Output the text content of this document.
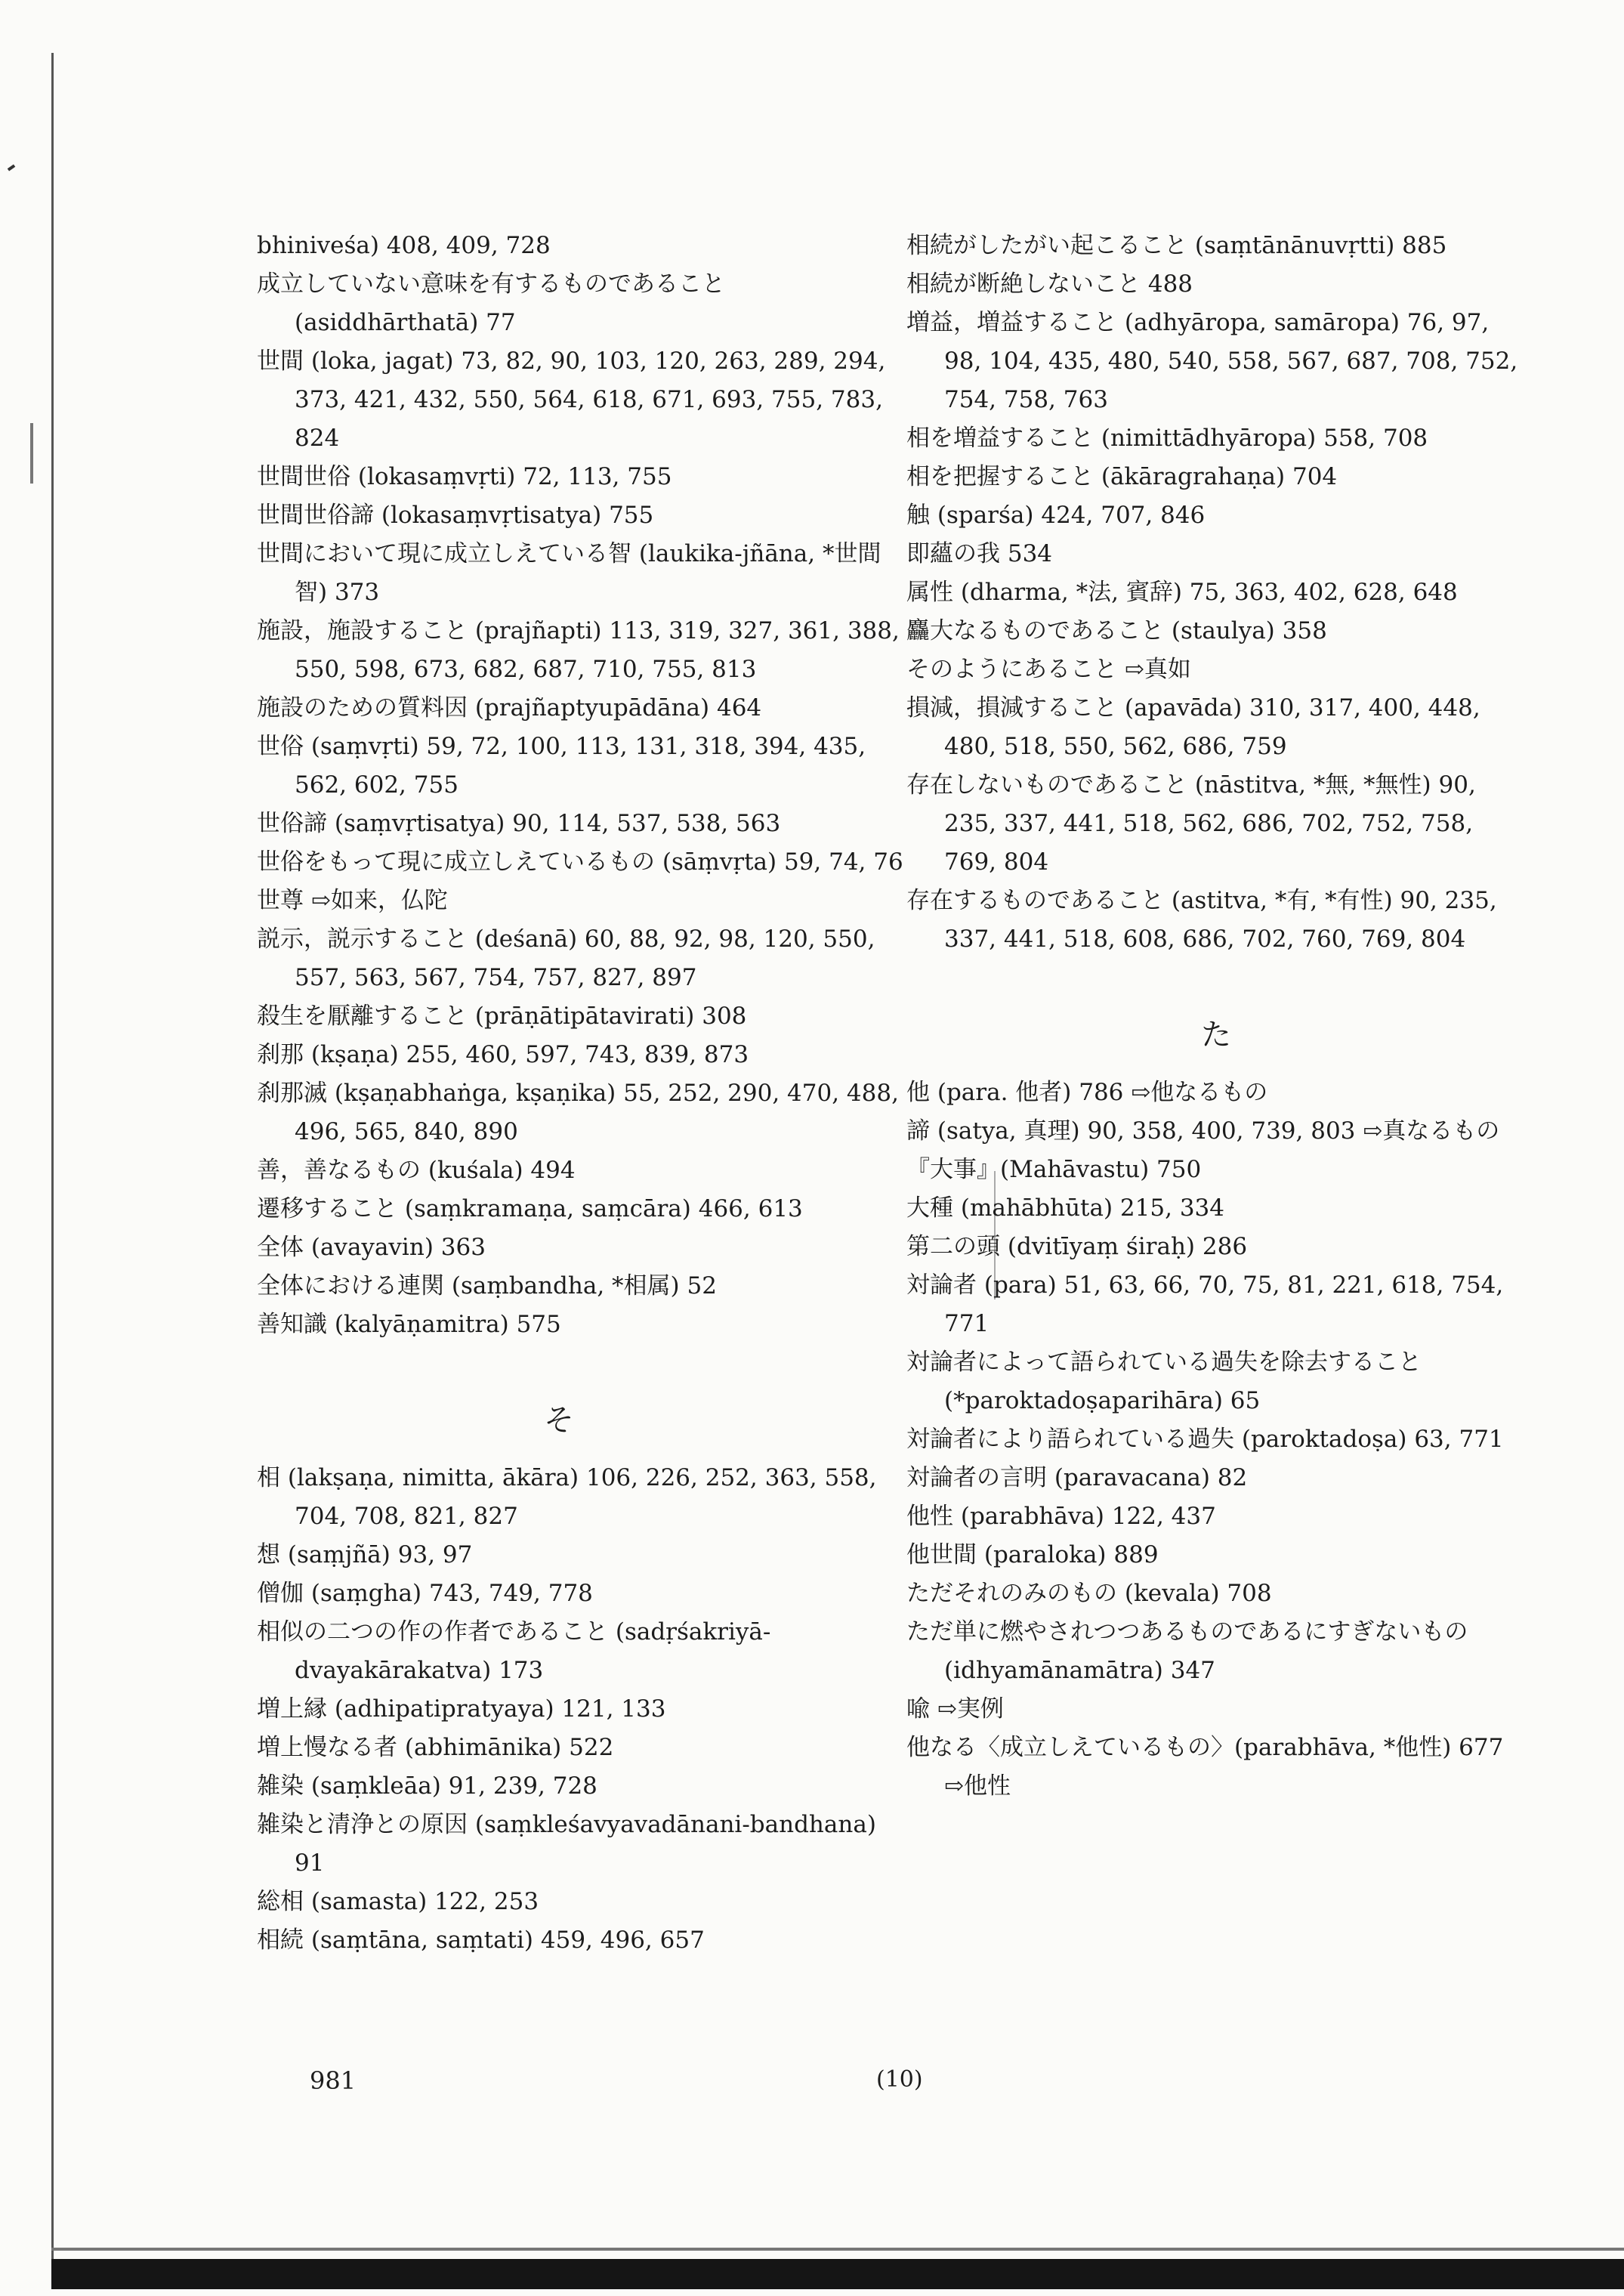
bhiniveśa) 408, 409, 728

成立していない意味を有するものであること (asiddhārthatā) 77

世間 (loka, jagat) 73, 82, 90, 103, 120, 263, 289, 294, 373, 421, 432, 550, 564, 618, 671, 693, 755, 783, 824

世間世俗 (lokasaṃvṛti) 72, 113, 755

世間世俗諦 (lokasaṃvṛtisatya) 755

世間において現に成立しえている智 (laukika-jñāna, *世間智) 373

施設，施設すること (prajñapti) 113, 319, 327, 361, 388, 550, 598, 673, 682, 687, 710, 755, 813

施設のための質料因 (prajñaptyupādāna) 464

世俗 (saṃvṛti) 59, 72, 100, 113, 131, 318, 394, 435, 562, 602, 755

世俗諦 (saṃvṛtisatya) 90, 114, 537, 538, 563

世俗をもって現に成立しえているもの (sāṃvṛta) 59, 74, 76

世尊 ⇨如来，仏陀

説示，説示すること (deśanā) 60, 88, 92, 98, 120, 550, 557, 563, 567, 754, 757, 827, 897

殺生を厭離すること (prāṇātipātavirati) 308

刹那 (kṣaṇa) 255, 460, 597, 743, 839, 873

刹那滅 (kṣaṇabhaṅga, kṣaṇika) 55, 252, 290, 470, 488, 496, 565, 840, 890

善，善なるもの (kuśala) 494

遷移すること (saṃkramaṇa, saṃcāra) 466, 613

全体 (avayavin) 363

全体における連関 (saṃbandha, *相属) 52

善知識 (kalyāṇamitra) 575

そ

相 (lakṣaṇa, nimitta, ākāra) 106, 226, 252, 363, 558, 704, 708, 821, 827

想 (saṃjñā) 93, 97

僧伽 (saṃgha) 743, 749, 778

相似の二つの作の作者であること (sadṛśakriyā-dvayakārakatva) 173

増上縁 (adhipatipratyaya) 121, 133

増上慢なる者 (abhimānika) 522

雑染 (saṃkleāa) 91, 239, 728

雑染と清浄との原因 (saṃkleśavyavadānani-bandhana) 91

総相 (samasta) 122, 253

相続 (saṃtāna, saṃtati) 459, 496, 657

相続がしたがい起こること (saṃtānānuvṛtti) 885

相続が断絶しないこと 488

増益，増益すること (adhyāropa, samāropa) 76, 97, 98, 104, 435, 480, 540, 558, 567, 687, 708, 752, 754, 758, 763

相を増益すること (nimittādhyāropa) 558, 708

相を把握すること (ākāragrahaṇa) 704

触 (sparśa) 424, 707, 846

即蘊の我 534

属性 (dharma, *法, 賓辞) 75, 363, 402, 628, 648

麤大なるものであること (staulya) 358

そのようにあること ⇨真如

損減，損減すること (apavāda) 310, 317, 400, 448, 480, 518, 550, 562, 686, 759

存在しないものであること (nāstitva, *無, *無性) 90, 235, 337, 441, 518, 562, 686, 702, 752, 758, 769, 804

存在するものであること (astitva, *有, *有性) 90, 235, 337, 441, 518, 608, 686, 702, 760, 769, 804

た

他 (para. 他者) 786 ⇨他なるもの

諦 (satya, 真理) 90, 358, 400, 739, 803 ⇨真なるもの

『大事』(Mahāvastu) 750

大種 (mahābhūta) 215, 334

第二の頭 (dvitīyaṃ śiraḥ) 286

対論者 (para) 51, 63, 66, 70, 75, 81, 221, 618, 754, 771

対論者によって語られている過失を除去すること (*paroktadoṣaparihāra) 65

対論者により語られている過失 (paroktadoṣa) 63, 771

対論者の言明 (paravacana) 82

他性 (parabhāva) 122, 437

他世間 (paraloka) 889

ただそれのみのもの (kevala) 708

ただ単に燃やされつつあるものであるにすぎないもの (idhyamānamātra) 347

喩 ⇨実例

他なる〈成立しえているもの〉(parabhāva, *他性) 677 ⇨他性

981	(10)
